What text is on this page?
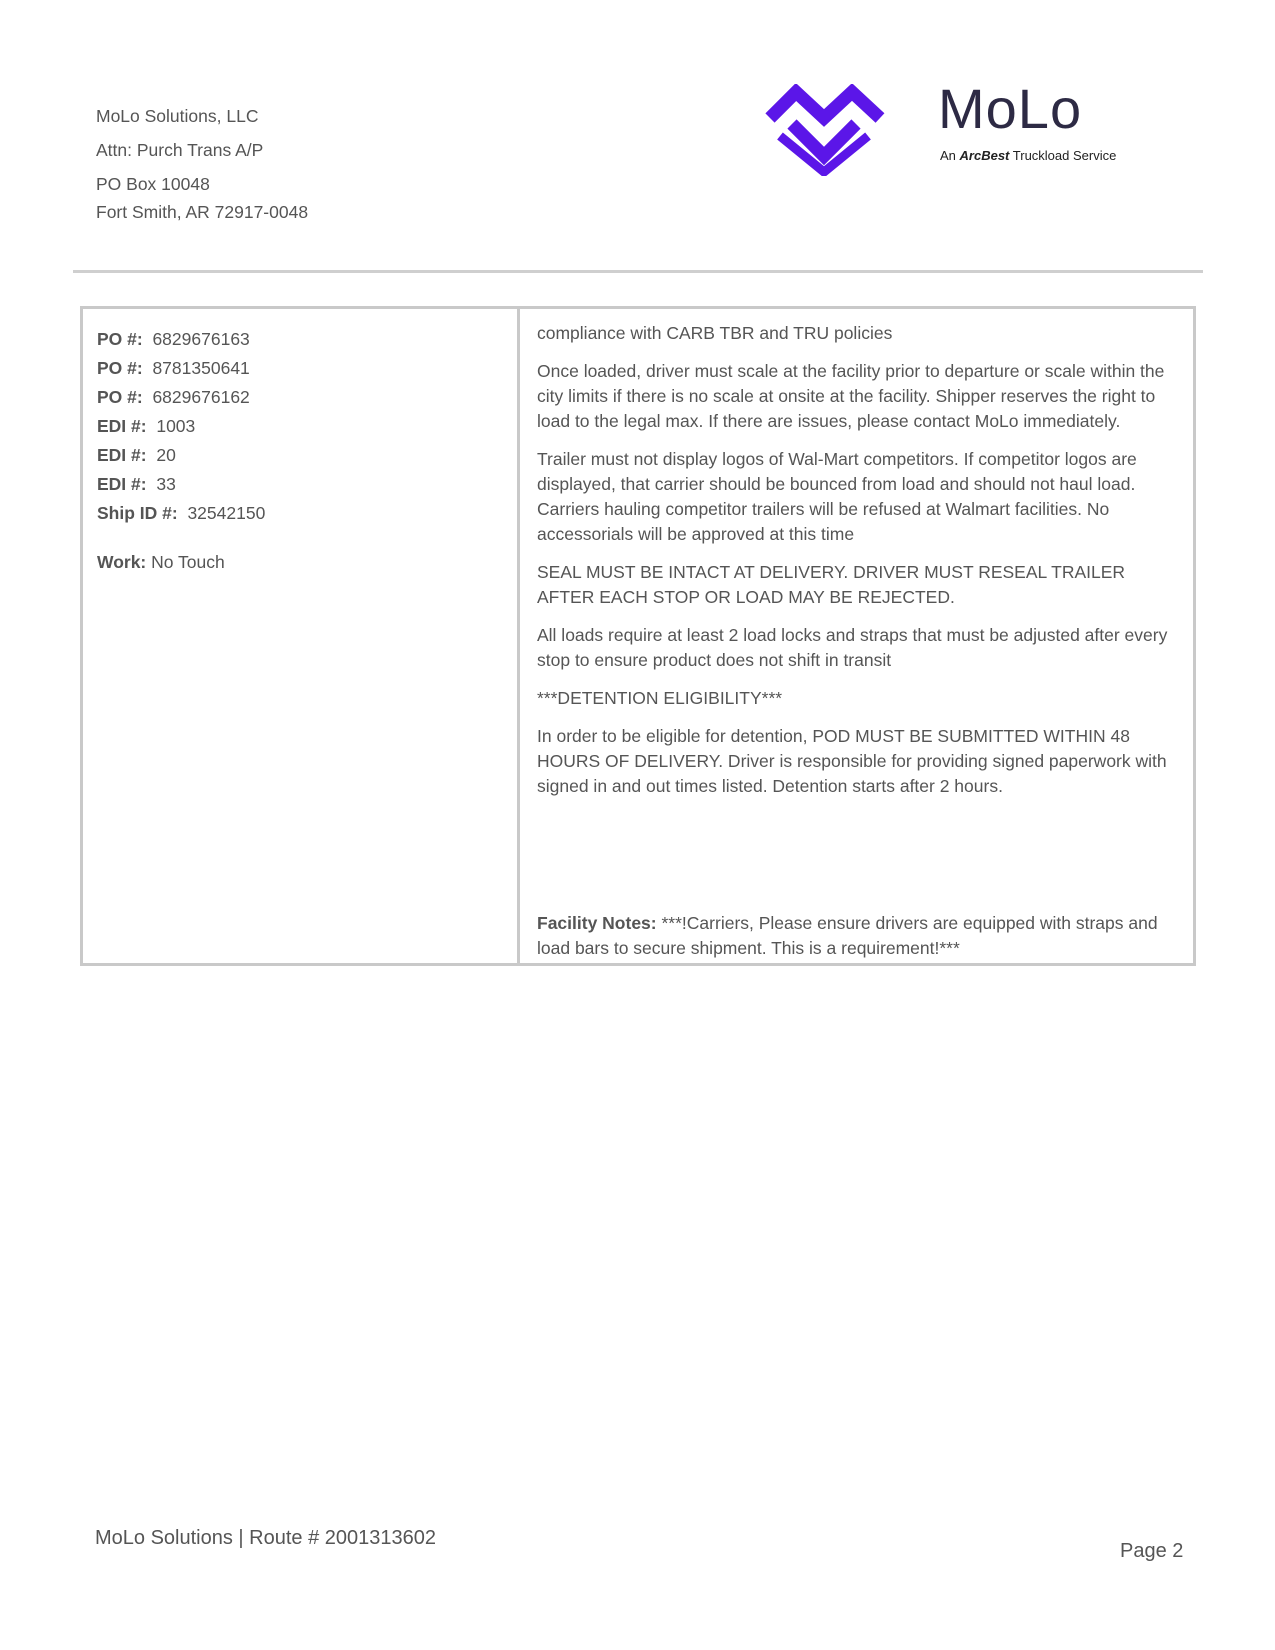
MoLo Solutions, LLC
Attn: Purch Trans A/P
PO Box 10048
Fort Smith, AR 72917-0048
MoLo
An ArcBest Truckload Service
PO #: 6829676163
PO #: 8781350641
PO #: 6829676162
EDI #: 1003
EDI #: 20
EDI #: 33
Ship ID #: 32542150
Work: No Touch

compliance with CARB TBR and TRU policies

Once loaded, driver must scale at the facility prior to departure or scale within the city limits if there is no scale at onsite at the facility. Shipper reserves the right to load to the legal max. If there are issues, please contact MoLo immediately.

Trailer must not display logos of Wal-Mart competitors. If competitor logos are displayed, that carrier should be bounced from load and should not haul load. Carriers hauling competitor trailers will be refused at Walmart facilities. No accessorials will be approved at this time

SEAL MUST BE INTACT AT DELIVERY. DRIVER MUST RESEAL TRAILER AFTER EACH STOP OR LOAD MAY BE REJECTED.

All loads require at least 2 load locks and straps that must be adjusted after every stop to ensure product does not shift in transit

***DETENTION ELIGIBILITY***

In order to be eligible for detention, POD MUST BE SUBMITTED WITHIN 48 HOURS OF DELIVERY. Driver is responsible for providing signed paperwork with signed in and out times listed. Detention starts after 2 hours.

Facility Notes: ***!Carriers, Please ensure drivers are equipped with straps and load bars to secure shipment. This is a requirement!***
MoLo Solutions | Route # 2001313602
Page 2
